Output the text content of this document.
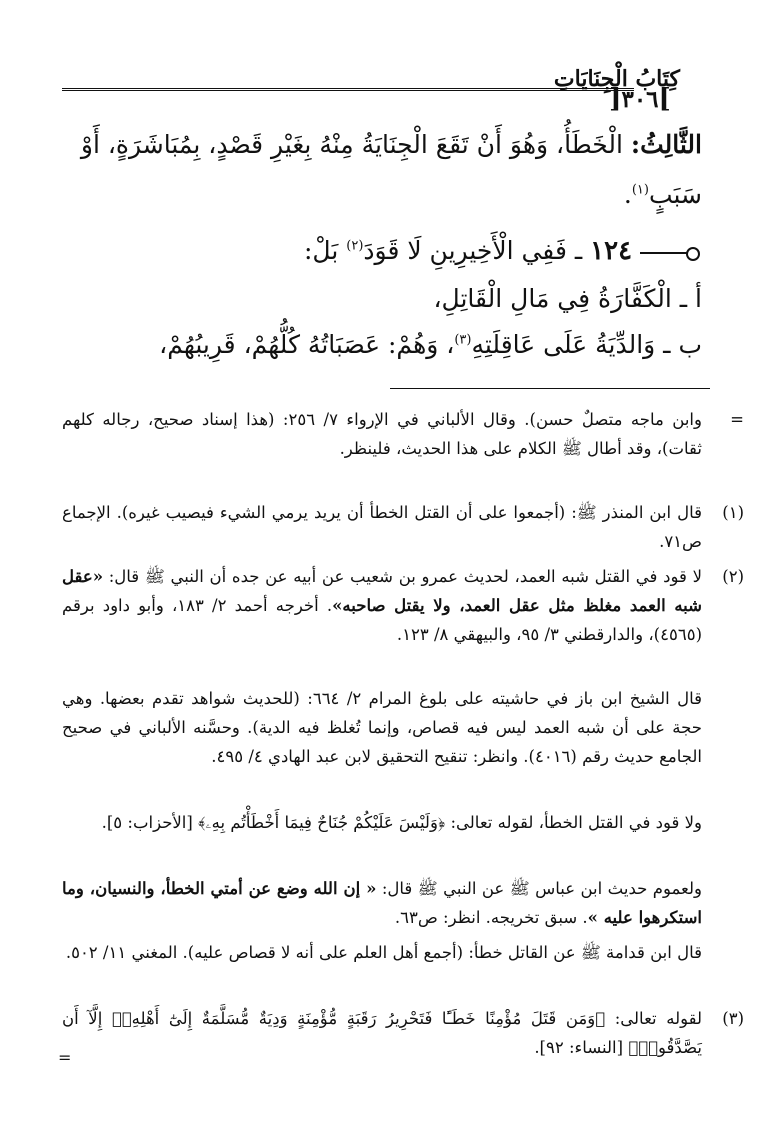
كِتَابُ الْجِنَايَاتِ
] ٣٠٦ [
الثَّالِثُ: الْخَطَأُ، وَهُوَ أَنْ تَقَعَ الْجِنَايَةُ مِنْهُ بِغَيْرِ قَصْدٍ، بِمُبَاشَرَةٍ، أَوْ
سَبَبٍ$^{(١)}$.
١٢٤ ـ فَفِي الْأَخِيرِينِ لَا قَوَدَ$^{(٢)}$ بَلْ:
أ ـ الْكَفَّارَةُ فِي مَالِ الْقَاتِلِ،
ب ـ وَالدِّيَةُ عَلَى عَاقِلَتِهِ$^{(٣)}$، وَهُمْ: عَصَبَاتُهُ كُلُّهُمْ، قَرِيبُهُمْ،
=
وابن ماجه متصلٌ حسن). وقال الألباني في الإرواء ٧/ ٢٥٦: (هذا إسناد صحيح، رجاله كلهم ثقات)، وقد أطال ﷺ الكلام على هذا الحديث، فلينظر.
(١)
قال ابن المنذر ﷺ: (أجمعوا على أن القتل الخطأ أن يريد يرمي الشيء فيصيب غيره). الإجماع ص٧١.
(٢)
لا قود في القتل شبه العمد، لحديث عمرو بن شعيب عن أبيه عن جده أن النبي ﷺ قال: «عقل شبه العمد مغلظ مثل عقل العمد، ولا يقتل صاحبه». أخرجه أحمد ٢/ ١٨٣، وأبو داود برقم (٤٥٦٥)، والدارقطني ٣/ ٩٥، والبيهقي ٨/ ١٢٣.
قال الشيخ ابن باز في حاشيته على بلوغ المرام ٢/ ٦٦٤: (للحديث شواهد تقدم بعضها. وهي حجة على أن شبه العمد ليس فيه قصاص، وإنما تُغلظ فيه الدية). وحسَّنه الألباني في صحيح الجامع حديث رقم (٤٠١٦). وانظر: تنقيح التحقيق لابن عبد الهادي ٤/ ٤٩٥.
ولا قود في القتل الخطأ، لقوله تعالى: ﴿وَلَيْسَ عَلَيْكُمْ جُنَاحٌ فِيمَا أَخْطَأْتُم بِهِۦ﴾ [الأحزاب: ٥].
ولعموم حديث ابن عباس ﷺ عن النبي ﷺ قال: « إن الله وضع عن أمتي الخطأ، والنسيان، وما استكرهوا عليه ». سبق تخريجه. انظر: ص٦٣.
قال ابن قدامة ﷺ عن القاتل خطأ: (أجمع أهل العلم على أنه لا قصاص عليه). المغني ١١/ ٥٠٢.
(٣)
لقوله تعالى: ﴿وَمَن قَتَلَ مُؤْمِنًا خَطَـًٔا فَتَحْرِيرُ رَقَبَةٍ مُّؤْمِنَةٍ وَدِيَةٌ مُّسَلَّمَةٌ إِلَىٰٓ أَهْلِهِۦٓ إِلَّآ أَن يَصَّدَّقُوا۟﴾ [النساء: ٩٢].
=
